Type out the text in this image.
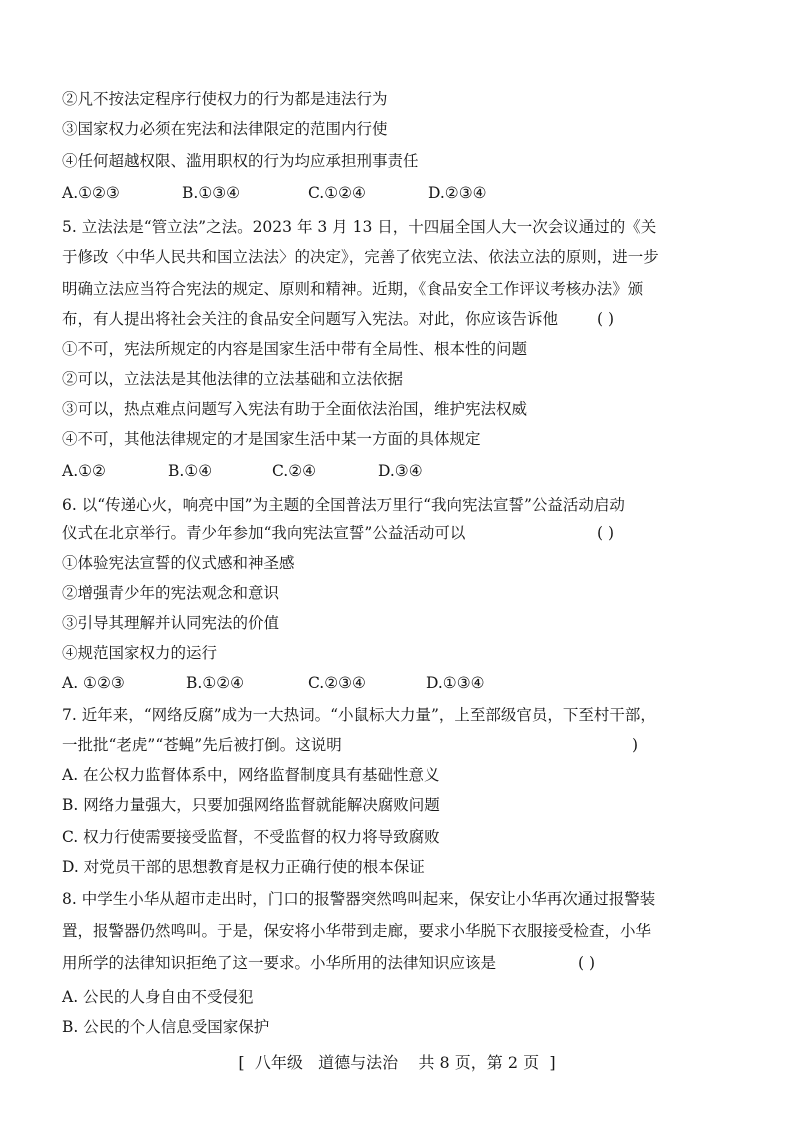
②凡不按法定程序行使权力的行为都是违法行为
③国家权力必须在宪法和法律限定的范围内行使
④任何超越权限、滥用职权的行为均应承担刑事责任
A.①②③	B.①③④	C.①②④	D.②③④
5. 立法法是“管立法”之法。2023 年 3 月 13 日，十四届全国人大一次会议通过的《关
于修改〈中华人民共和国立法法〉的决定》，完善了依宪立法、依法立法的原则，进一步
明确立法应当符合宪法的规定、原则和精神。近期，《食品安全工作评议考核办法》颁
布，有人提出将社会关注的食品安全问题写入宪法。对此，你应该告诉他	( )
①不可，宪法所规定的内容是国家生活中带有全局性、根本性的问题
②可以，立法法是其他法律的立法基础和立法依据
③可以，热点难点问题写入宪法有助于全面依法治国，维护宪法权威
④不可，其他法律规定的才是国家生活中某一方面的具体规定
A.①②	B.①④	C.②④	D.③④
6. 以“传递心火，响亮中国”为主题的全国普法万里行“我向宪法宣誓”公益活动启动
仪式在北京举行。青少年参加“我向宪法宣誓”公益活动可以	( )
①体验宪法宣誓的仪式感和神圣感
②增强青少年的宪法观念和意识
③引导其理解并认同宪法的价值
④规范国家权力的运行
A. ①②③	B.①②④	C.②③④	D.①③④
7. 近年来，“网络反腐”成为一大热词。“小鼠标大力量”，上至部级官员，下至村干部，
一批批“老虎”“苍蝇”先后被打倒。这说明	)
A. 在公权力监督体系中，网络监督制度具有基础性意义
B. 网络力量强大，只要加强网络监督就能解决腐败问题
C. 权力行使需要接受监督，不受监督的权力将导致腐败
D. 对党员干部的思想教育是权力正确行使的根本保证
8. 中学生小华从超市走出时，门口的报警器突然鸣叫起来，保安让小华再次通过报警装
置，报警器仍然鸣叫。于是，保安将小华带到走廊，要求小华脱下衣服接受检查，小华
用所学的法律知识拒绝了这一要求。小华所用的法律知识应该是	( )
A. 公民的人身自由不受侵犯
B. 公民的个人信息受国家保护
[  八年级   道德与法治    共 8 页，第 2 页  ]
